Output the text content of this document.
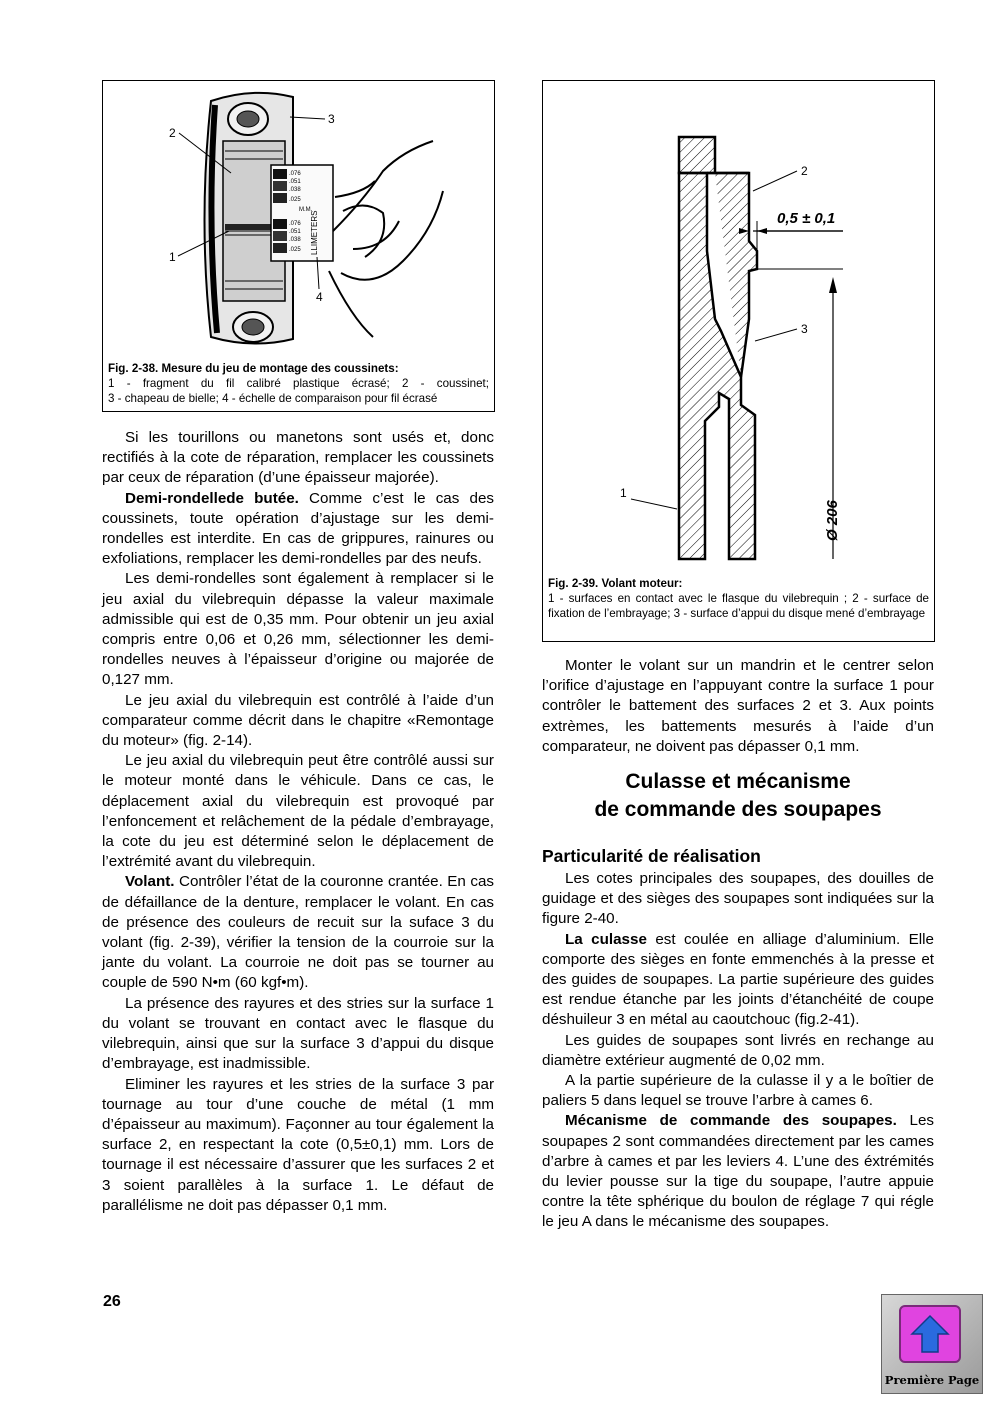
.076
.051
.038
.025
M.M.
.076
.051
.038
.025 LLIMETERS
2
1
3
4
Fig. 2-38. Mesure du jeu de montage des coussinets:
1 - fragment du fil calibré plastique écrasé; 2 - coussinet;
3 - chapeau de bielle; 4 - échelle de comparaison pour fil écrasé
0,5 ± 0,1
Ø 206
2
3
1
Fig. 2-39. Volant moteur:
1 - surfaces en contact avec le flasque du vilebrequin ; 2 - surface de fixation de l’embrayage; 3 - surface d’appui du disque mené d’embrayage

Si les tourillons ou manetons sont usés et, donc rectifiés à la cote de réparation, remplacer les coussinets par ceux de réparation (d’une épaisseur majorée).

Demi-rondellede butée. Comme c’est le cas des coussinets, toute opération d’ajustage sur les demi-rondelles est interdite. En cas de grippures, rainures ou exfoliations, remplacer les demi-rondelles par des neufs.

Les demi-rondelles sont également à remplacer si le jeu axial du vilebrequin dépasse la valeur maximale admissible qui est de 0,35 mm. Pour obtenir un jeu axial compris entre 0,06 et 0,26 mm, sélectionner les demi-rondelles neuves à l’épaisseur d’origine ou majorée de 0,127 mm.

Le jeu axial du vilebrequin est contrôlé à l’aide d’un comparateur comme décrit dans le chapitre «Remontage du moteur» (fig. 2-14).

Le jeu axial du vilebrequin peut être contrôlé aussi sur le moteur monté dans le véhicule. Dans ce cas, le déplacement axial du vilebrequin est provoqué par l’enfoncement et relâchement de la pédale d’embrayage, la cote du jeu est déterminé selon le déplacement de l’extrémité avant du vilebrequin.

Volant. Contrôler l’état de la couronne crantée. En cas de défaillance de la denture, remplacer le volant. En cas de présence des couleurs de recuit sur la suface 3 du volant (fig. 2-39), vérifier la tension de la courroie sur la jante du volant. La courroie ne doit pas se tourner au couple de 590 N•m (60 kgf•m).

La présence des rayures et des stries sur la surface 1 du volant se trouvant en contact avec le flasque du vilebrequin, ainsi que sur la surface 3 d’appui du disque d’embrayage, est inadmissible.

Eliminer les rayures et les stries de la surface 3 par tournage au tour d’une couche de métal (1 mm d’épaisseur au maximum). Façonner au tour également la surface 2, en respectant la cote (0,5±0,1) mm. Lors de tournage il est nécessaire d’assurer que les surfaces 2 et 3 soient parallèles à la surface 1. Le défaut de parallélisme ne doit pas dépasser 0,1 mm.

Monter le volant sur un mandrin et le centrer selon l’orifice d’ajustage en l’appuyant contre la surface 1 pour contrôler le battement des surfaces 2 et 3. Aux points extrèmes, les battements mesurés à l’aide d’un comparateur, ne doivent pas dépasser 0,1 mm.

Culasse et mécanisme
de commande des soupapes
Particularité de réalisation

Les cotes principales des soupapes, des douilles de guidage et des sièges des soupapes sont indiquées sur la figure 2-40.

La culasse est coulée en alliage d’aluminium. Elle comporte des sièges en fonte emmenchés à la presse et des guides de soupapes. La partie supérieure des guides est rendue étanche par les joints d’étanchéité de coupe déshuileur 3 en métal au caoutchouc (fig.2-41).

Les guides de soupapes sont livrés en rechange au diamètre extérieur augmenté de 0,02 mm.

A la partie supérieure de la culasse il y a le boîtier de paliers 5 dans lequel se trouve l’arbre à cames 6.

Mécanisme de commande des soupapes. Les soupapes 2 sont commandées directement par les cames d’arbre à cames et par les leviers 4. L’une des éxtrémités du levier pousse sur la tige du soupape, l’autre appuie contre la tête sphérique du boulon de réglage 7 qui régle le jeu A dans le mécanisme des soupapes.

26
Première Page
